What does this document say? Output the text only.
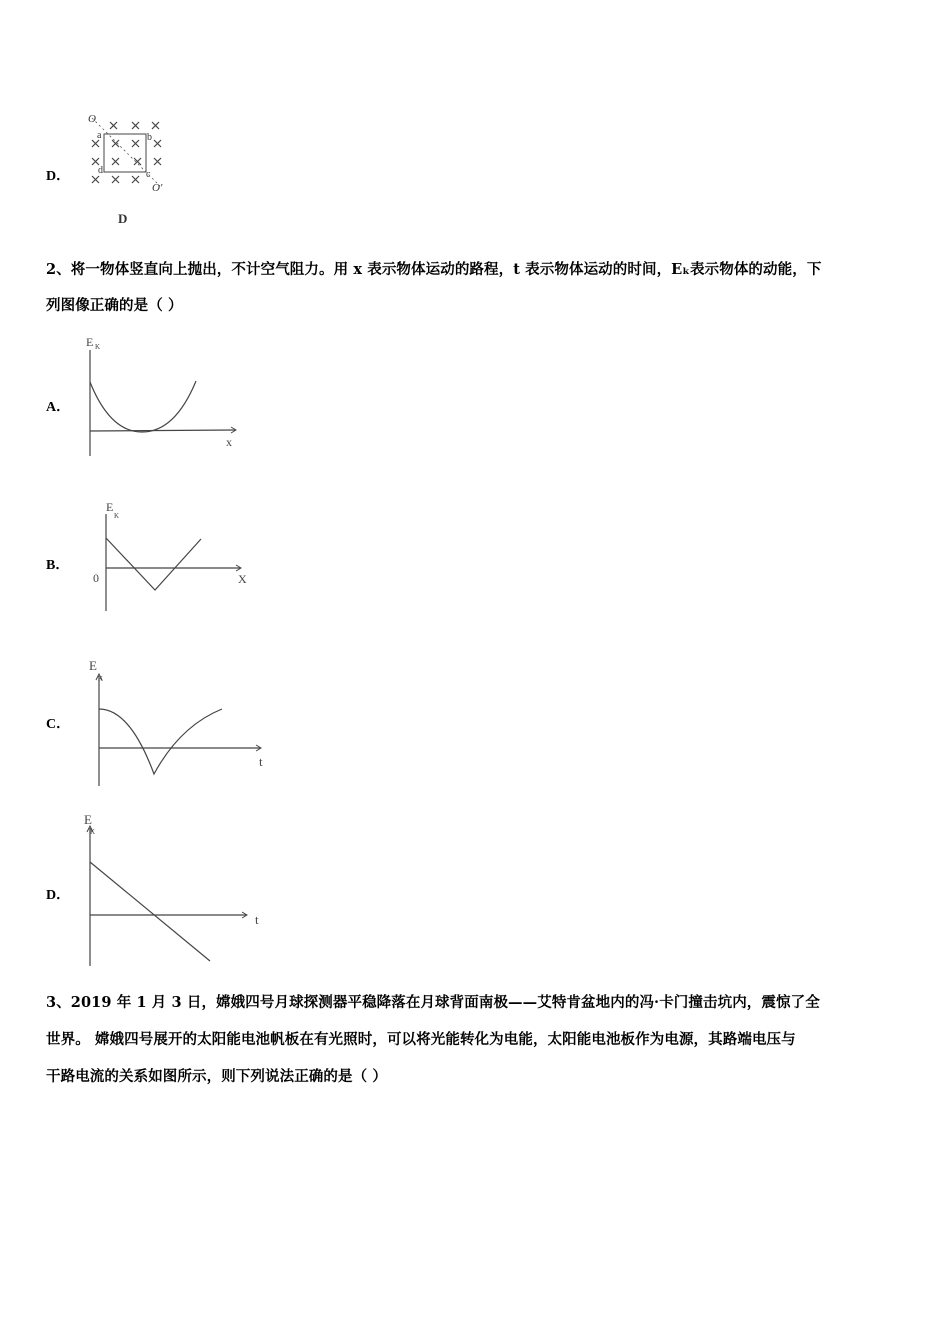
D．
O
a	b
d	c
O′
D
2、将一物体竖直向上抛出，不计空气阻力。用 x 表示物体运动的路程，t 表示物体运动的时间，Eₖ表示物体的动能，下
列图像正确的是（ ）
A．
E K
x
B．
E
K
0	X
C．
E
K
t
D．
E
K
t
3、2019 年 1 月 3 日，嫦娥四号月球探测器平稳降落在月球背面南极——艾特肯盆地内的冯·卡门撞击坑内，震惊了全
世界。 嫦娥四号展开的太阳能电池帆板在有光照时，可以将光能转化为电能，太阳能电池板作为电源，其路端电压与
干路电流的关系如图所示，则下列说法正确的是（ ）
